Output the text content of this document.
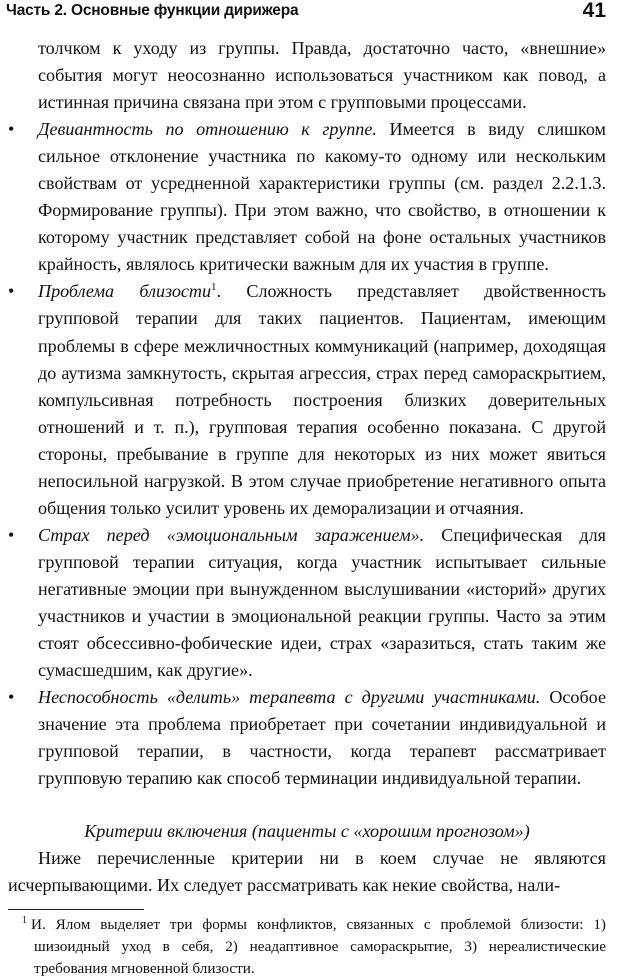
Часть 2. Основные функции дирижера	41

толчком к уходу из группы. Правда, достаточно часто, «внешние» события могут неосознанно использоваться участником как повод, а истинная причина связана при этом с групповыми процессами.

•	Девиантность по отношению к группе. Имеется в виду слишком сильное отклонение участника по какому-то одному или нескольким свойствам от усредненной характеристики группы (см. раздел 2.2.1.3. Формирование группы). При этом важно, что свойство, в отношении к которому участник представляет собой на фоне остальных участников крайность, являлось критически важным для их участия в группе.

•	Проблема близости$^1$. Сложность представляет двойственность групповой терапии для таких пациентов. Пациентам, имеющим проблемы в сфере межличностных коммуникаций (например, доходящая до аутизма замкнутость, скрытая агрессия, страх перед самораскрытием, компульсивная потребность построения близких доверительных отношений и т. п.), групповая терапия особенно показана. С другой стороны, пребывание в группе для некоторых из них может явиться непосильной нагрузкой. В этом случае приобретение негативного опыта общения только усилит уровень их деморализации и отчаяния.

•	Страх перед «эмоциональным заражением». Специфическая для групповой терапии ситуация, когда участник испытывает сильные негативные эмоции при вынужденном выслушивании «историй» других участников и участии в эмоциональной реакции группы. Часто за этим стоят обсессивно-фобические идеи, страх «заразиться, стать таким же сумасшедшим, как другие».

•	Неспособность «делить» терапевта с другими участниками. Особое значение эта проблема приобретает при сочетании индивидуальной и групповой терапии, в частности, когда терапевт рассматривает групповую терапию как способ терминации индивидуальной терапии.

Критерии включения (пациенты с «хорошим прогнозом»)

Ниже перечисленные критерии ни в коем случае не являются исчерпывающими. Их следует рассматривать как некие свойства, нали-

$^1$ И. Ялом выделяет три формы конфликтов, связанных с проблемой близости: 1) шизоидный уход в себя, 2) неадаптивное самораскрытие, 3) нереалистические требования мгновенной близости.
